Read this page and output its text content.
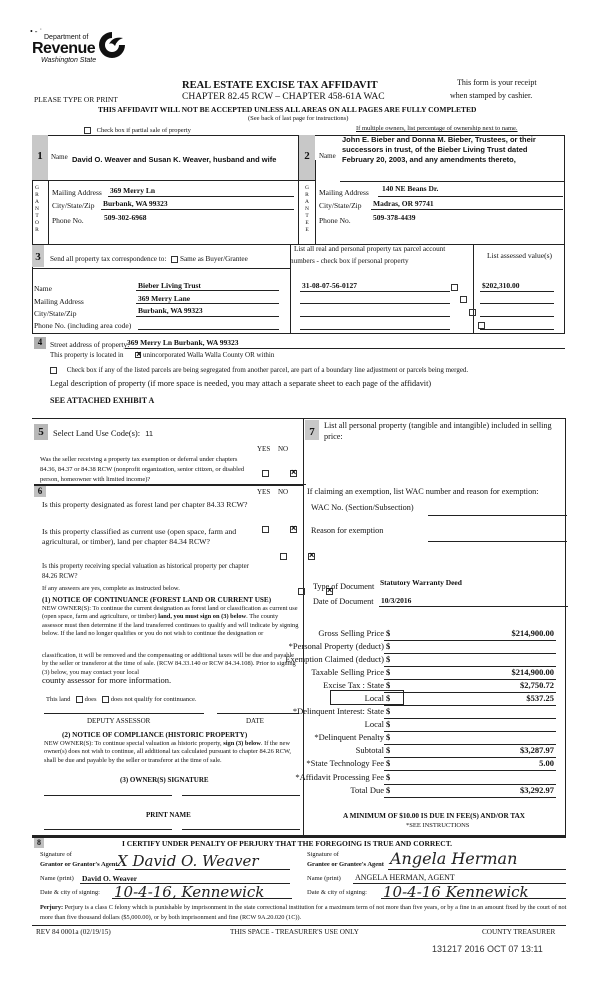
• - ˙
Department of
Revenue
Washington State
REAL ESTATE EXCISE TAX AFFIDAVIT
CHAPTER 82.45 RCW – CHAPTER 458-61A WAC
PLEASE TYPE OR PRINT
This form is your receipt
when stamped by cashier.
THIS AFFIDAVIT WILL NOT BE ACCEPTED UNLESS ALL AREAS ON ALL PAGES ARE FULLY COMPLETED
(See back of last page for instructions)
Check box if partial sale of property	If multiple owners, list percentage of ownership next to name.
1
G
R
A
N
T
O
R
Name David O. Weaver and Susan K. Weaver, husband and wife
Mailing Address 369 Merry Ln
City/State/Zip Burbank, WA 99323
Phone No.	509-302-6968
2
G
R
A
N
T
E
E
Name
John E. Bieber and Donna M. Bieber, Trustees, or their
successors in trust, of the Bieber Living Trust dated
February 20, 2003, and any amendments thereto,
Mailing Address 140 NE Beans Dr.
City/State/Zip Madras, OR 97741
Phone No.	509-378-4439
3	Send all property tax correspondence to: Same as Buyer/Grantee
Name	Bieber Living Trust
Mailing Address	369 Merry Lane
City/State/Zip	Burbank, WA 99323
Phone No. (including area code)
List all real and personal property tax parcel account
numbers - check box if personal property
List assessed value(s)
31-08-07-56-0127
	$202,310.00

4	Street address of property:
369 Merry Ln Burbank, WA 99323
This property is located in ×	unincorporated Walla Walla County OR within
Check box if any of the listed parcels are being segregated from another parcel, are part of a boundary line adjustment or parcels being merged.
Legal description of property (if more space is needed, you may attach a separate sheet to each page of the affidavit)
SEE ATTACHED EXHIBIT A
5	Select Land Use Code(s): 11
YES NO
Was the seller receiving a property tax exemption or deferral under chapters 84.36, 84.37 or 84.38 RCW (nonprofit organization, senior citizen, or disabled person, homeowner with limited income)?
×
6	YES NO
Is this property designated as forest land per chapter 84.33 RCW?
×
Is this property classified as current use (open space, farm and agricultural, or timber), land per chapter 84.34 RCW?
×
Is this property receiving special valuation as historical property per chapter 84.26 RCW?
×
If any answers are yes, complete as instructed below.
(1) NOTICE OF CONTINUANCE (FOREST LAND OR CURRENT USE)
NEW OWNER(S): To continue the current designation as forest land or classification as current use (open space, farm and agriculture, or timber) land, you must sign on (3) below. The county assessor must then determine if the land transferred continues to qualify and will indicate by signing below. If the land no longer qualifies or you do not wish to continue the designation or
classification, it will be removed and the compensating or additional taxes will be due and payable by the seller or transferor at the time of sale. (RCW 84.33.140 or RCW 84.34.108). Prior to signing (3) below, you may contact your local
county assessor for more information.
This land does does not qualify for continuance.
DEPUTY ASSESSOR	DATE
(2) NOTICE OF COMPLIANCE (HISTORIC PROPERTY)
NEW OWNER(S): To continue special valuation as historic property, sign (3) below. If the new owner(s) does not wish to continue, all additional tax calculated pursuant to chapter 84.26 RCW, shall be due and payable by the seller or transferor at the time of sale.
(3) OWNER(S) SIGNATURE
PRINT NAME
7
List all personal property (tangible and intangible) included in selling price:
If claiming an exemption, list WAC number and reason for exemption:
WAC No. (Section/Subsection)
Reason for exemption
Type of Document Statutory Warranty Deed
Date of Document 10/3/2016
Gross Selling Price $	$214,900.00
*Personal Property (deduct) $
Exemption Claimed (deduct) $
Taxable Selling Price $	$214,900.00
Excise Tax : State $	$2,750.72
Local $	$537.25
*Delinquent Interest: State $
Local $
*Delinquent Penalty $
Subtotal $	$3,287.97
*State Technology Fee $	5.00
*Affidavit Processing Fee $
Total Due $	$3,292.97
A MINIMUM OF $10.00 IS DUE IN FEE(S) AND/OR TAX
*SEE INSTRUCTIONS
8	I CERTIFY UNDER PENALTY OF PERJURY THAT THE FOREGOING IS TRUE AND CORRECT.
Signature of
Grantor or Grantor's Agent X David O. Weaver
Name (print) David O. Weaver
Date & city of signing: 10-4-16, Kennewick
Signature of
Grantee or Grantee's Agent Angela Herman
Name (print) ANGELA HERMAN, AGENT
Date & city of signing: 10-4-16 Kennewick
Perjury: Perjury is a class C felony which is punishable by imprisonment in the state correctional institution for a maximum term of not more than five years, or by a fine in an amount fixed by the court of not more than five thousand dollars ($5,000.00), or by both imprisonment and fine (RCW 9A.20.020 (1C)).
REV 84 0001a (02/19/15)	THIS SPACE - TREASURER'S USE ONLY	COUNTY TREASURER
131217 2016 OCT 07 13:11
